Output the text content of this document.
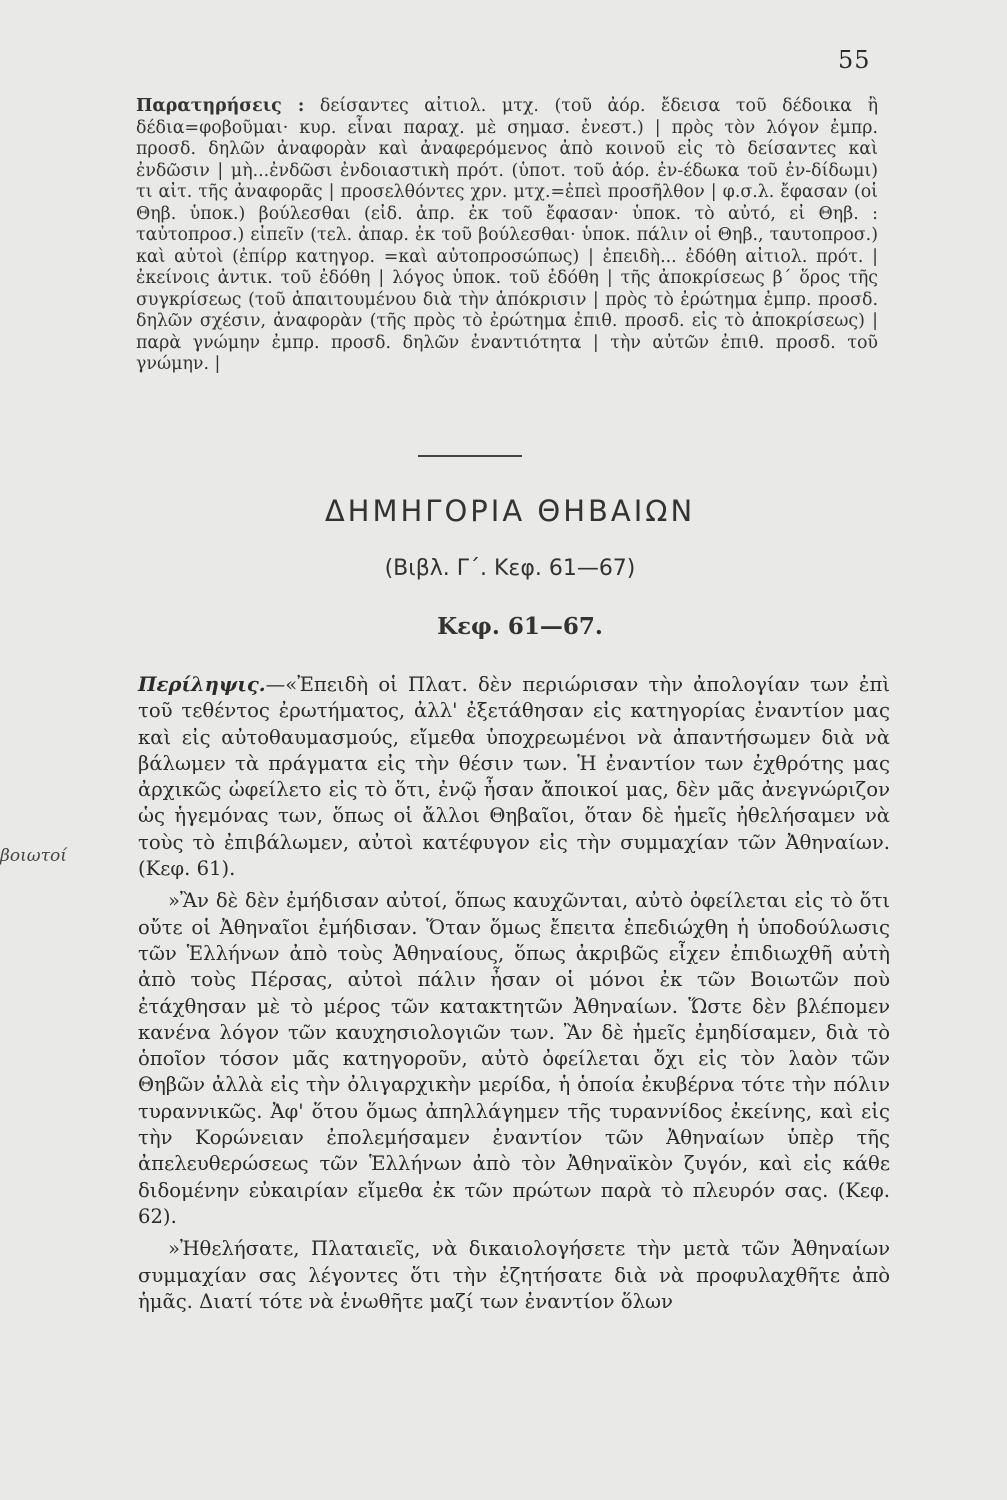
55

Παρατηρήσεις : δείσαντες αἰτιολ. μτχ. (τοῦ ἀόρ. ἔδεισα τοῦ δέδοικα ἢ δέδια=φοβοῦμαι· κυρ. εἶναι παραχ. μὲ σημασ. ἐνεστ.) | πρὸς τὸν λόγον ἐμπρ. προσδ. δηλῶν ἀναφορὰν καὶ ἀναφερόμενος ἀπὸ κοινοῦ εἰς τὸ δείσαντες καὶ ἐνδῶσιν | μὴ...ἐνδῶσι ἐνδοιαστικὴ πρότ. (ὑποτ. τοῦ ἀόρ. ἐν-έδωκα τοῦ ἐν-δίδωμι) τι αἰτ. τῆς ἀναφορᾶς | προσελθόντες χρν. μτχ.=ἐπεὶ προσῆλθον | φ.σ.λ. ἔφασαν (οἱ Θηβ. ὑποκ.) βούλεσθαι (εἰδ. ἀπρ. ἐκ τοῦ ἔφασαν· ὑποκ. τὸ αὐτό, εἰ Θηβ. : ταὐτοπροσ.) εἰπεῖν (τελ. ἀπαρ. ἐκ τοῦ βούλεσθαι· ὑποκ. πάλιν οἱ Θηβ., ταυτοπροσ.) καὶ αὐτοὶ (ἐπίρρ κατηγορ. =καὶ αὐτοπροσώπως) | ἐπειδὴ... ἐδόθη αἰτιολ. πρότ. | ἐκείνοις ἀντικ. τοῦ ἐδόθη | λόγος ὑποκ. τοῦ ἐδόθη | τῆς ἀποκρίσεως β΄ ὅρος τῆς συγκρίσεως (τοῦ ἀπαιτουμένου διὰ τὴν ἀπόκρισιν | πρὸς τὸ ἐρώτημα ἐμπρ. προσδ. δηλῶν σχέσιν, ἀναφορὰν (τῆς πρὸς τὸ ἐρώτημα ἐπιθ. προσδ. εἰς τὸ ἀποκρίσεως) | παρὰ γνώμην ἐμπρ. προσδ. δηλῶν ἐναντιότητα | τὴν αὐτῶν ἐπιθ. προσδ. τοῦ γνώμην. |

ΔΗΜΗΓΟΡΙΑ ΘΗΒΑΙΩΝ
(Βιβλ. Γ΄. Κεφ. 61—67)
Κεφ. 61—67.
βοιωτοί

Περίληψις.—«Ἐπειδὴ οἱ Πλατ. δὲν περιώρισαν τὴν ἀπολογίαν των ἐπὶ τοῦ τεθέντος ἐρωτήματος, ἀλλ' ἐξετάθησαν εἰς κατηγορίας ἐναντίον μας καὶ εἰς αὐτοθαυμασμούς, εἴμεθα ὑποχρεωμένοι νὰ ἀπαντήσωμεν διὰ νὰ βάλωμεν τὰ πράγματα εἰς τὴν θέσιν των. Ἡ ἐναντίον των ἐχθρότης μας ἀρχικῶς ὠφείλετο εἰς τὸ ὅτι, ἐνῷ ἦσαν ἄποικοί μας, δὲν μᾶς ἀνεγνώριζον ὡς ἡγεμόνας των, ὅπως οἱ ἄλλοι Θηβαῖοι, ὅταν δὲ ἡμεῖς ἠθελήσαμεν νὰ τοὺς τὸ ἐπιβάλωμεν, αὐτοὶ κατέφυγον εἰς τὴν συμμαχίαν τῶν Ἀθηναίων. (Κεφ. 61).

»Ἂν δὲ δὲν ἐμήδισαν αὐτοί, ὅπως καυχῶνται, αὐτὸ ὀφείλεται εἰς τὸ ὅτι οὔτε οἱ Ἀθηναῖοι ἐμήδισαν. Ὅταν ὅμως ἔπειτα ἐπεδιώχθη ἡ ὑποδούλωσις τῶν Ἑλλήνων ἀπὸ τοὺς Ἀθηναίους, ὅπως ἀκριβῶς εἶχεν ἐπιδιωχθῆ αὐτὴ ἀπὸ τοὺς Πέρσας, αὐτοὶ πάλιν ἦσαν οἱ μόνοι ἐκ τῶν Βοιωτῶν ποὺ ἐτάχθησαν μὲ τὸ μέρος τῶν κατακτητῶν Ἀθηναίων. Ὥστε δὲν βλέπομεν κανένα λόγον τῶν καυχησιολογιῶν των. Ἂν δὲ ἡμεῖς ἐμηδίσαμεν, διὰ τὸ ὁποῖον τόσον μᾶς κατηγοροῦν, αὐτὸ ὀφείλεται ὄχι εἰς τὸν λαὸν τῶν Θηβῶν ἀλλὰ εἰς τὴν ὀλιγαρχικὴν μερίδα, ἡ ὁποία ἐκυβέρνα τότε τὴν πόλιν τυραννικῶς. Ἀφ' ὅτου ὅμως ἀπηλλάγημεν τῆς τυραννίδος ἐκείνης, καὶ εἰς τὴν Κορώνειαν ἐπολεμήσαμεν ἐναντίον τῶν Ἀθηναίων ὑπὲρ τῆς ἀπελευθερώσεως τῶν Ἑλλήνων ἀπὸ τὸν Ἀθηναϊκὸν ζυγόν, καὶ εἰς κάθε διδομένην εὐκαιρίαν εἴμεθα ἐκ τῶν πρώτων παρὰ τὸ πλευρόν σας. (Κεφ. 62).

»Ἠθελήσατε, Πλαταιεῖς, νὰ δικαιολογήσετε τὴν μετὰ τῶν Ἀθηναίων συμμαχίαν σας λέγοντες ὅτι τὴν ἐζητήσατε διὰ νὰ προφυλαχθῆτε ἀπὸ ἡμᾶς. Διατί τότε νὰ ἑνωθῆτε μαζί των ἐναντίον ὅλων
